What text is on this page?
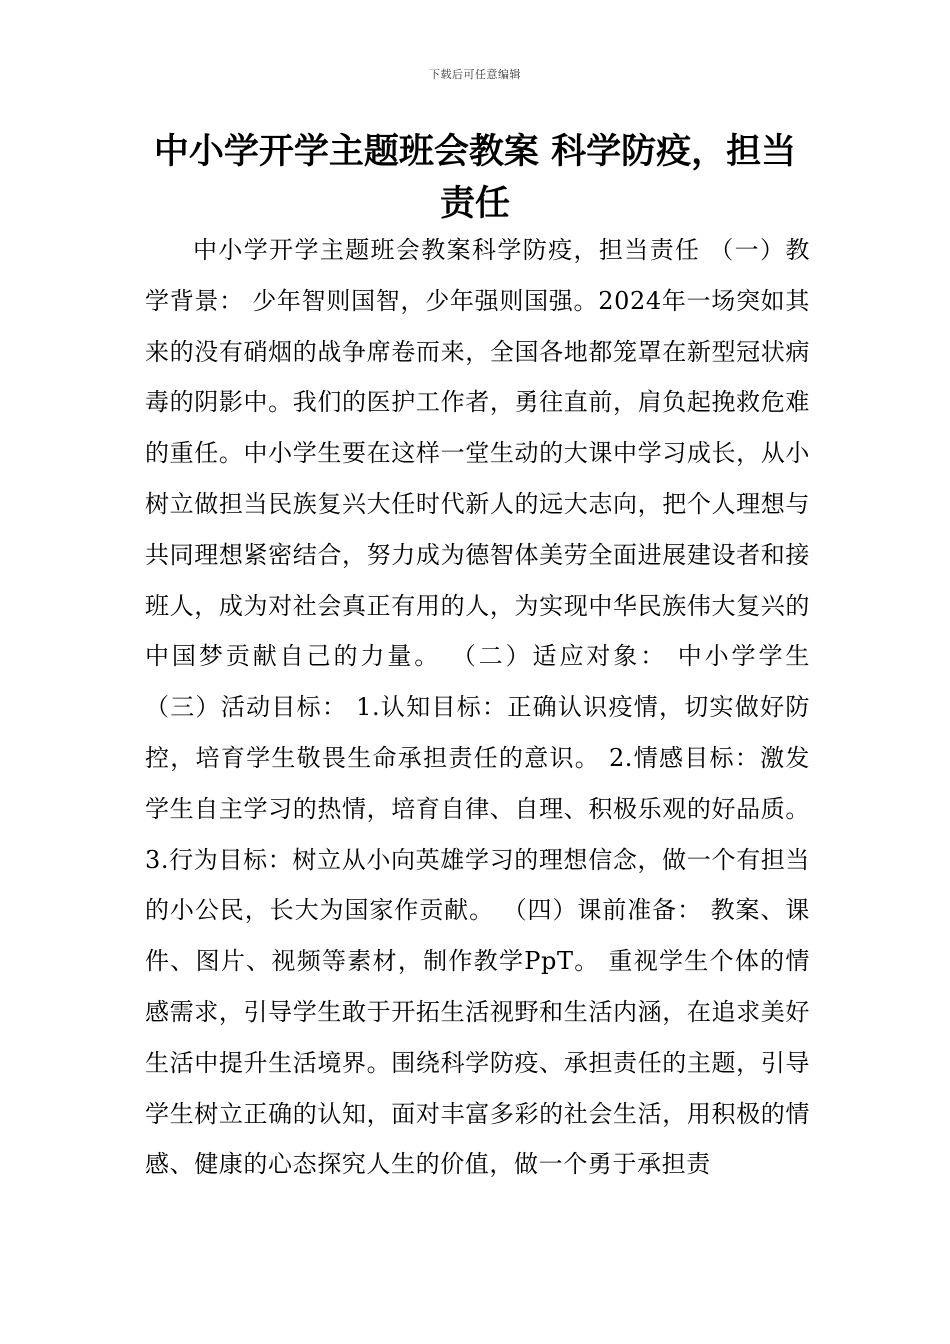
下载后可任意编辑
中小学开学主题班会教案 科学防疫，担当责任

中小学开学主题班会教案科学防疫，担当责任 （一）教学背景： 少年智则国智，少年强则国强。2024年一场突如其来的没有硝烟的战争席卷而来，全国各地都笼罩在新型冠状病毒的阴影中。我们的医护工作者，勇往直前，肩负起挽救危难的重任。中小学生要在这样一堂生动的大课中学习成长，从小树立做担当民族复兴大任时代新人的远大志向，把个人理想与共同理想紧密结合，努力成为德智体美劳全面进展建设者和接班人，成为对社会真正有用的人，为实现中华民族伟大复兴的中国梦贡献自己的力量。 （二）适应对象： 中小学学生 （三）活动目标： 1.认知目标：正确认识疫情，切实做好防控，培育学生敬畏生命承担责任的意识。 2.情感目标：激发学生自主学习的热情，培育自律、自理、积极乐观的好品质。 3.行为目标：树立从小向英雄学习的理想信念，做一个有担当的小公民，长大为国家作贡献。 （四）课前准备： 教案、课件、图片、视频等素材，制作教学PpT。 重视学生个体的情感需求，引导学生敢于开拓生活视野和生活内涵，在追求美好生活中提升生活境界。围绕科学防疫、承担责任的主题，引导学生树立正确的认知，面对丰富多彩的社会生活，用积极的情感、健康的心态探究人生的价值，做一个勇于承担责
